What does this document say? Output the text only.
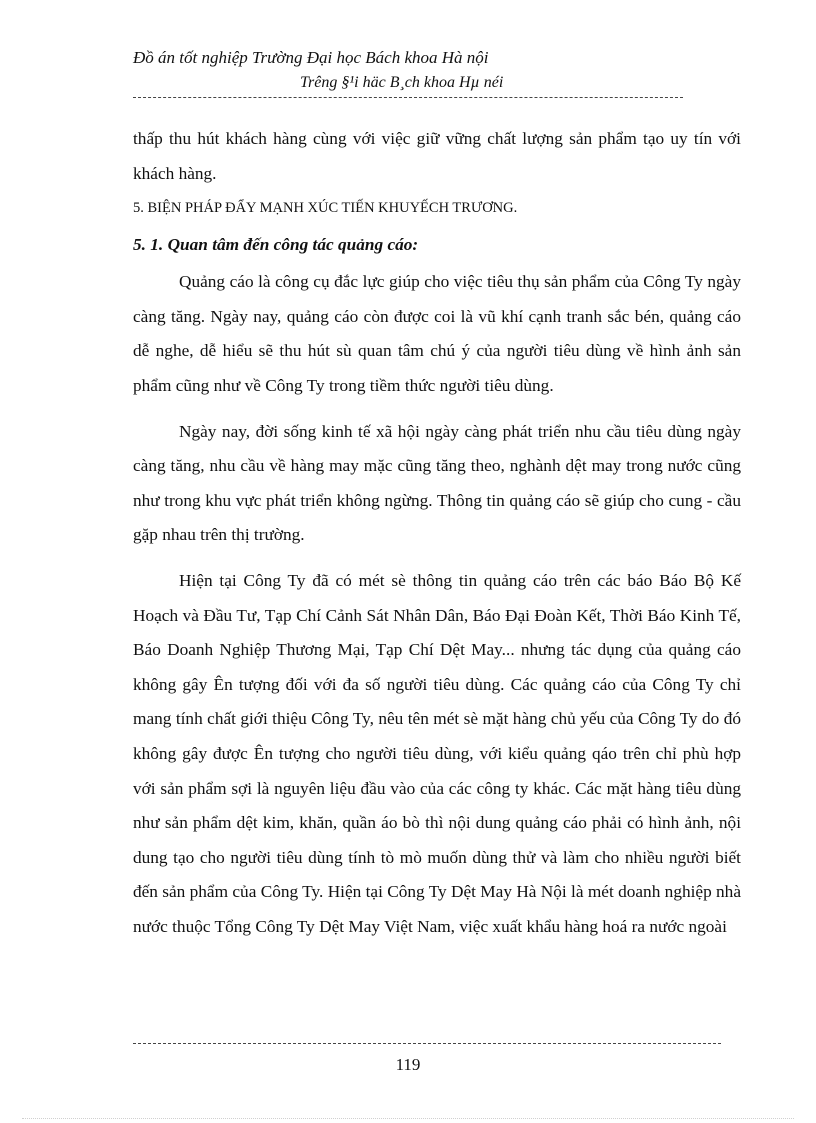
Đồ án tốt nghiệp Trường Đại học Bách khoa Hà nội
Trêng §¹i häc B¸ch khoa Hµ néi

thấp thu hút khách hàng cùng với việc giữ vững chất lượng sản phẩm tạo uy tín với khách hàng.

5. BIỆN PHÁP ĐẨY MẠNH XÚC TIẾN KHUYẾCH TRƯƠNG.

5. 1. Quan tâm đến công tác quảng cáo:

Quảng cáo là công cụ đắc lực giúp cho việc tiêu thụ sản phẩm của Công Ty ngày càng tăng. Ngày nay, quảng cáo còn được coi là vũ khí cạnh tranh sắc bén, quảng cáo dễ nghe, dễ hiểu sẽ thu hút sù quan tâm chú ý của người tiêu dùng về hình ảnh sản phẩm cũng như về Công Ty trong tiềm thức người tiêu dùng.

Ngày nay, đời sống kinh tế xã hội ngày càng phát triển nhu cầu tiêu dùng ngày càng tăng, nhu cầu về hàng may mặc cũng tăng theo, nghành dệt may trong nước cũng như trong khu vực phát triển không ngừng. Thông tin quảng cáo sẽ giúp cho cung - cầu gặp nhau trên thị trường.

Hiện tại Công Ty đã có mét sè thông tin quảng cáo trên các báo Báo Bộ Kế Hoạch và Đầu Tư, Tạp Chí Cảnh Sát Nhân Dân, Báo Đại Đoàn Kết, Thời Báo Kinh Tế, Báo Doanh Nghiệp Thương Mại, Tạp Chí Dệt May... nhưng tác dụng của quảng cáo không gây Ên tượng đối với đa số người tiêu dùng. Các quảng cáo của Công Ty chỉ mang tính chất giới thiệu Công Ty, nêu tên mét sè mặt hàng chủ yếu của Công Ty do đó không gây được Ên tượng cho người tiêu dùng, với kiểu quảng qáo trên chỉ phù hợp với sản phẩm sợi là nguyên liệu đầu vào của các công ty khác. Các mặt hàng tiêu dùng như sản phẩm dệt kim, khăn, quần áo bò thì nội dung quảng cáo phải có hình ảnh, nội dung tạo cho người tiêu dùng tính tò mò muốn dùng thử và làm cho nhiều người biết đến sản phẩm của Công Ty. Hiện tại Công Ty Dệt May Hà Nội là mét doanh nghiệp nhà nước thuộc Tổng Công Ty Dệt May Việt Nam, việc xuất khẩu hàng hoá ra nước ngoài

119
